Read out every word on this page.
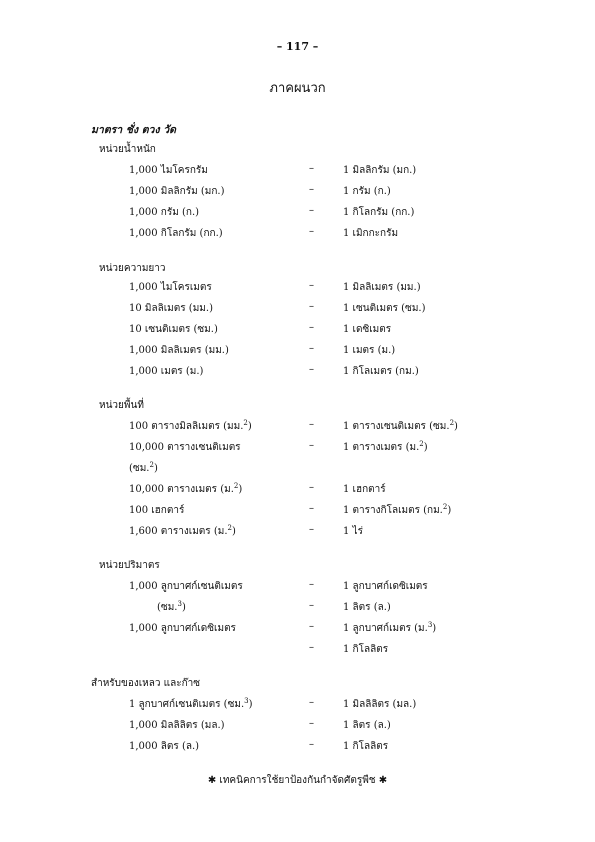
– 117 –
ภาคผนวก
มาตรา ชั่ง ตวง วัด
หน่วยน้ำหนัก
1,000 ไมโครกรัม	–	1 มิลลิกรัม (มก.)
1,000 มิลลิกรัม (มก.)	–	1 กรัม (ก.)
1,000 กรัม (ก.)	–	1 กิโลกรัม (กก.)
1,000 กิโลกรัม (กก.)	–	1 เมิกกะกรัม
หน่วยความยาว
1,000 ไมโครเมตร	–	1 มิลลิเมตร (มม.)
10 มิลลิเมตร (มม.)	–	1 เซนติเมตร (ซม.)
10 เซนติเมตร (ซม.)	–	1 เดซิเมตร
1,000 มิลลิเมตร (มม.)	–	1 เมตร (ม.)
1,000 เมตร (ม.)	–	1 กิโลเมตร (กม.)
หน่วยพื้นที่
100 ตารางมิลลิเมตร (มม.$^2$)	–	1 ตารางเซนติเมตร (ซม.$^2$)
10,000 ตารางเซนติเมตร	–	1 ตารางเมตร (ม.$^2$)
(ซม.$^2$)
10,000 ตารางเมตร (ม.$^2$)	–	1 เฮกตาร์
100 เฮกตาร์	–	1 ตารางกิโลเมตร (กม.$^2$)
1,600 ตารางเมตร (ม.$^2$)	–	1 ไร่
หน่วยปริมาตร
1,000 ลูกบาศก์เซนติเมตร	–	1 ลูกบาศก์เดซิเมตร
(ซม.$^3$)	–	1 ลิตร (ล.)
1,000 ลูกบาศก์เดซิเมตร	–	1 ลูกบาศก์เมตร (ม.$^3$)
–	1 กิโลลิตร
สำหรับของเหลว และก๊าซ
1 ลูกบาศก์เซนติเมตร (ซม.$^3$)	–	1 มิลลิลิตร (มล.)
1,000 มิลลิลิตร (มล.)	–	1 ลิตร (ล.)
1,000 ลิตร (ล.)	–	1 กิโลลิตร
✱ เทคนิคการใช้ยาป้องกันกำจัดศัตรูพืช ✱
